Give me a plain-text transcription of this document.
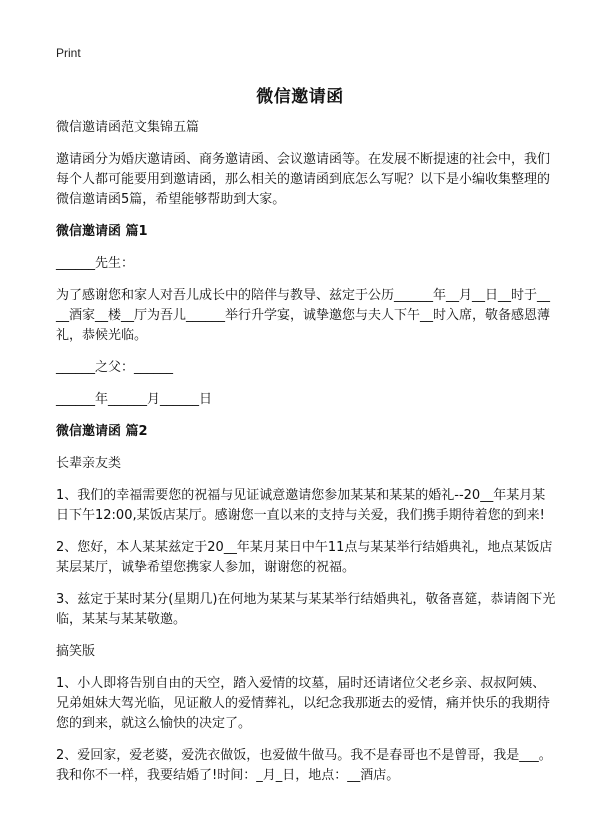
Print
微信邀请函

微信邀请函范文集锦五篇

邀请函分为婚庆邀请函、商务邀请函、会议邀请函等。在发展不断提速的社会中，我们每个人都可能要用到邀请函，那么相关的邀请函到底怎么写呢？以下是小编收集整理的微信邀请函5篇，希望能够帮助到大家。

微信邀请函 篇1

______先生：

为了感谢您和家人对吾儿成长中的陪伴与教导、兹定于公历______年__月__日__时于____酒家__楼__厅为吾儿______举行升学宴，诚挚邀您与夫人下午__时入席，敬备感恩薄礼，恭候光临。

______之父：______

______年______月______日

微信邀请函 篇2

长辈亲友类

1、我们的幸福需要您的祝福与见证诚意邀请您参加某某和某某的婚礼--20__年某月某日下午12:00,某饭店某厅。感谢您一直以来的支持与关爱，我们携手期待着您的到来!

2、您好，本人某某兹定于20__年某月某日中午11点与某某举行结婚典礼，地点某饭店某层某厅，诚挚希望您携家人参加，谢谢您的祝福。

3、兹定于某时某分(星期几)在何地为某某与某某举行结婚典礼，敬备喜筵，恭请阁下光临，某某与某某敬邀。

搞笑版

1、小人即将告别自由的天空，踏入爱情的坟墓，届时还请诸位父老乡亲、叔叔阿姨、兄弟姐妹大驾光临，见证敝人的爱情葬礼，以纪念我那逝去的爱情，痛并快乐的我期待您的到来，就这么愉快的决定了。

2、爱回家，爱老婆，爱洗衣做饭，也爱做牛做马。我不是春哥也不是曾哥，我是___。我和你不一样，我要结婚了!时间：_月_日，地点：__酒店。
